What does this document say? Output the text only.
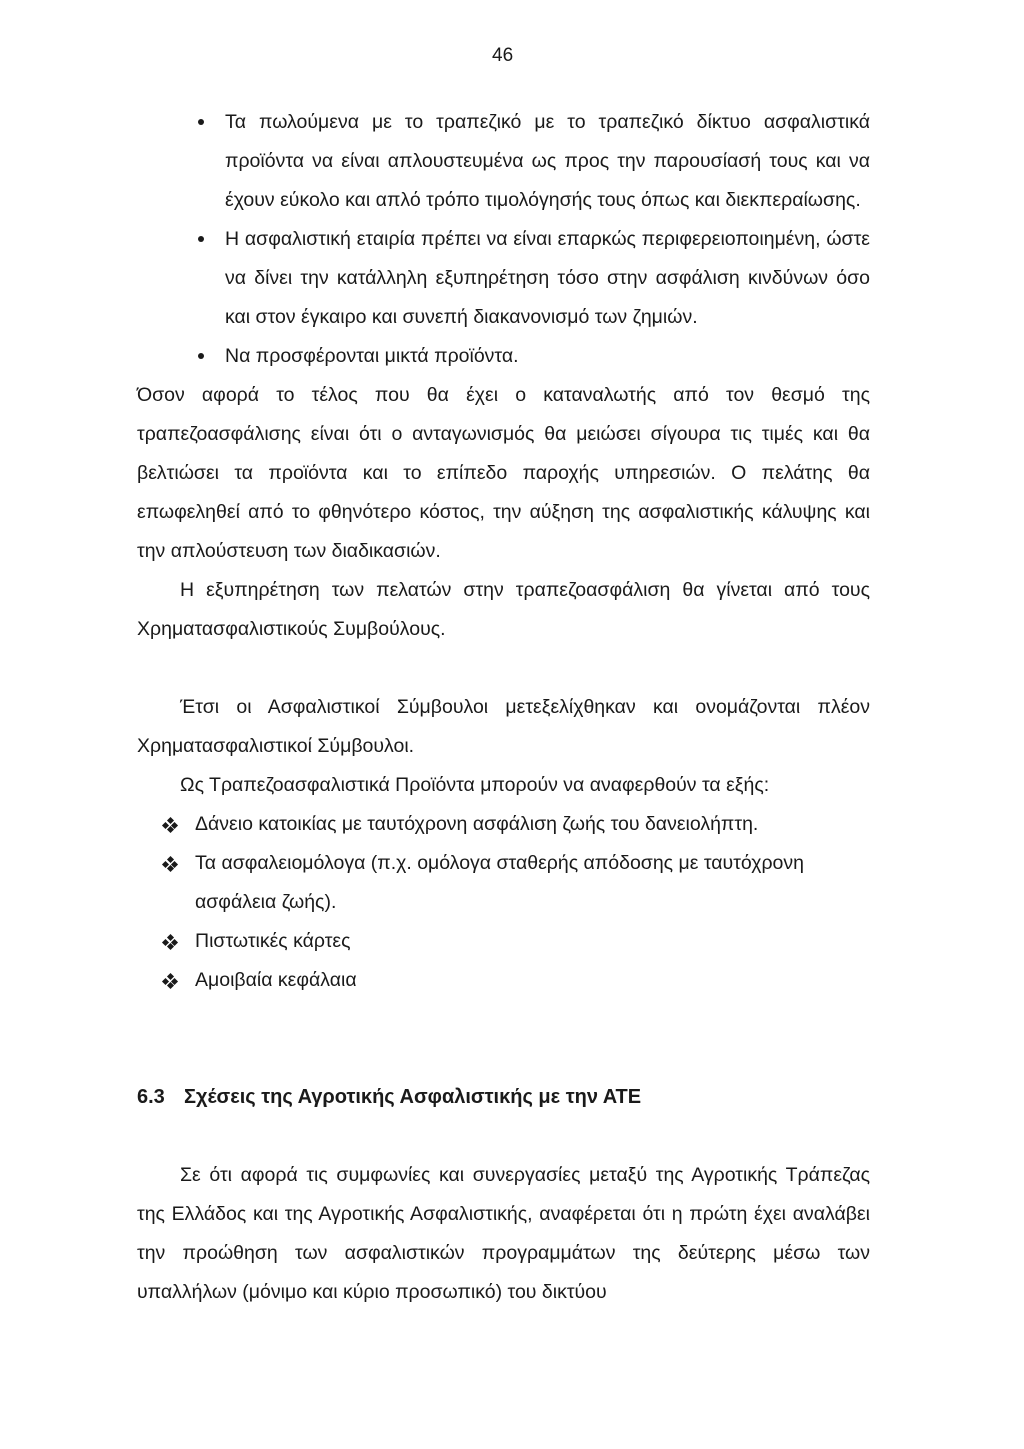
46
Τα πωλούμενα με το τραπεζικό με το τραπεζικό δίκτυο ασφαλιστικά προϊόντα να είναι απλουστευμένα ως προς την παρουσίασή τους και να έχουν εύκολο και απλό τρόπο τιμολόγησής τους όπως και διεκπεραίωσης.
Η ασφαλιστική εταιρία πρέπει να είναι επαρκώς περιφερειοποιημένη, ώστε να δίνει την κατάλληλη εξυπηρέτηση τόσο στην ασφάλιση κινδύνων όσο και στον έγκαιρο και συνεπή διακανονισμό των ζημιών.
Να προσφέρονται μικτά προϊόντα.

Όσον αφορά το τέλος που θα έχει ο καταναλωτής από τον θεσμό της τραπεζοασφάλισης είναι ότι ο ανταγωνισμός θα μειώσει σίγουρα τις τιμές και θα βελτιώσει τα προϊόντα και το επίπεδο παροχής υπηρεσιών. Ο πελάτης θα επωφεληθεί από το φθηνότερο κόστος, την αύξηση της ασφαλιστικής κάλυψης και την απλούστευση των διαδικασιών.

Η εξυπηρέτηση των πελατών στην τραπεζοασφάλιση θα γίνεται από τους Χρηματασφαλιστικούς Συμβούλους.

Έτσι οι Ασφαλιστικοί Σύμβουλοι μετεξελίχθηκαν και ονομάζονται πλέον Χρηματασφαλιστικοί Σύμβουλοι.

Ως Τραπεζοασφαλιστικά Προϊόντα μπορούν να αναφερθούν τα εξής:

Δάνειο κατοικίας με ταυτόχρονη ασφάλιση ζωής του δανειολήπτη.
Τα ασφαλειομόλογα (π.χ. ομόλογα σταθερής απόδοσης με ταυτόχρονη ασφάλεια ζωής).
Πιστωτικές κάρτες
Αμοιβαία κεφάλαια
6.3 Σχέσεις της Αγροτικής Ασφαλιστικής με την ΑΤΕ

Σε ότι αφορά τις συμφωνίες και συνεργασίες μεταξύ της Αγροτικής Τράπεζας της Ελλάδος και της Αγροτικής Ασφαλιστικής, αναφέρεται ότι η πρώτη έχει αναλάβει την προώθηση των ασφαλιστικών προγραμμάτων της δεύτερης μέσω των υπαλλήλων (μόνιμο και κύριο προσωπικό) του δικτύου
